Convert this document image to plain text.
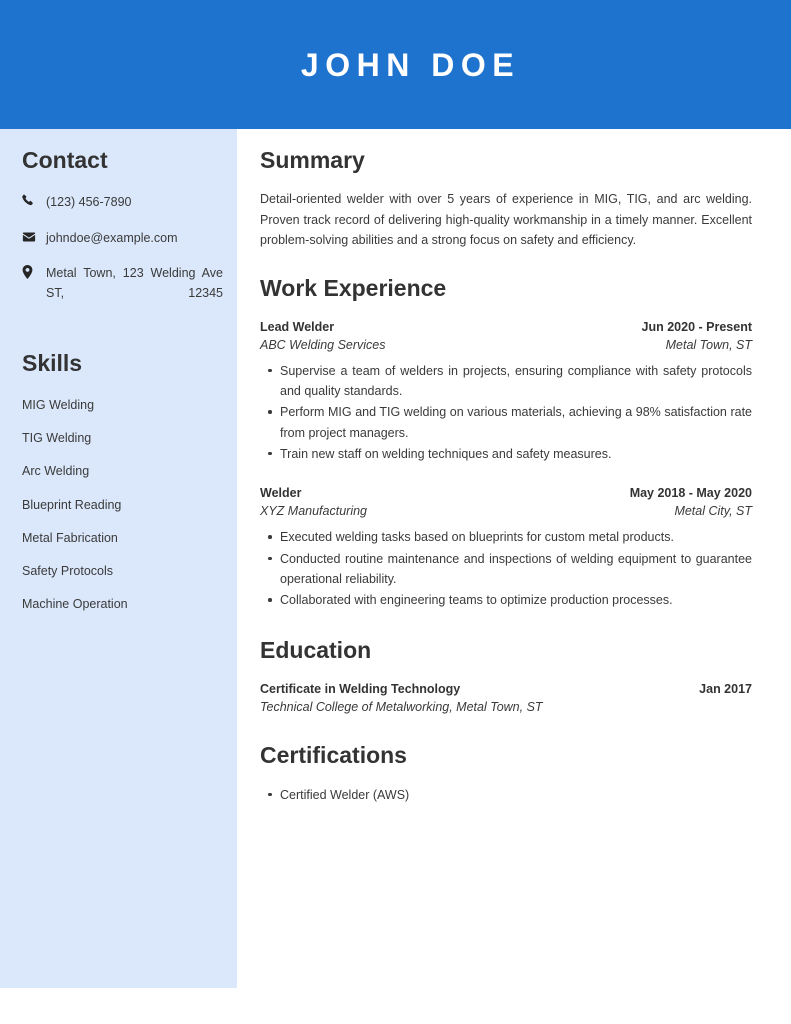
JOHN DOE
Contact
(123) 456-7890
johndoe@example.com
Metal Town, 123 Welding Ave ST, 12345
Skills
MIG Welding
TIG Welding
Arc Welding
Blueprint Reading
Metal Fabrication
Safety Protocols
Machine Operation
Summary

Detail-oriented welder with over 5 years of experience in MIG, TIG, and arc welding. Proven track record of delivering high-quality workmanship in a timely manner. Excellent problem-solving abilities and a strong focus on safety and efficiency.

Work Experience
Lead Welder	Jun 2020 - Present
ABC Welding Services	Metal Town, ST
Supervise a team of welders in projects, ensuring compliance with safety protocols and quality standards.
Perform MIG and TIG welding on various materials, achieving a 98% satisfaction rate from project managers.
Train new staff on welding techniques and safety measures.
Welder	May 2018 - May 2020
XYZ Manufacturing	Metal City, ST
Executed welding tasks based on blueprints for custom metal products.
Conducted routine maintenance and inspections of welding equipment to guarantee operational reliability.
Collaborated with engineering teams to optimize production processes.
Education
Certificate in Welding Technology	Jan 2017
Technical College of Metalworking, Metal Town, ST
Certifications
Certified Welder (AWS)
